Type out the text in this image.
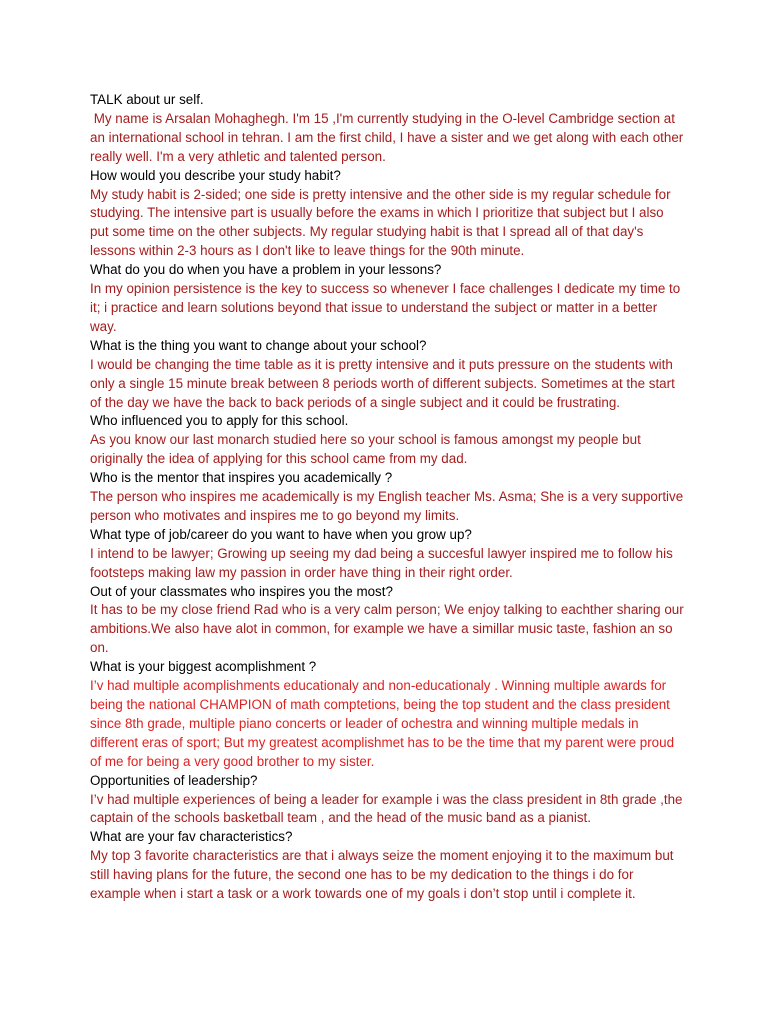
TALK about ur self.
My name is Arsalan Mohaghegh. I'm 15 ,I'm currently studying in the O-level Cambridge section at an international school in tehran. I am the first child, I have a sister and we get along with each other really well. I'm a very athletic and talented person.
How would you describe your study habit?
My study habit is 2-sided; one side is pretty intensive and the other side is my regular schedule for studying. The intensive part is usually before the exams in which I prioritize that subject but I also put some time on the other subjects. My regular studying habit is that I spread all of that day's lessons within 2-3 hours as I don't like to leave things for the 90th minute.
What do you do when you have a problem in your lessons?
In my opinion persistence is the key to success so whenever I face challenges I dedicate my time to it; i practice and learn solutions beyond that issue to understand the subject or matter in a better way.
What is the thing you want to change about your school?
I would be changing the time table as it is pretty intensive and it puts pressure on the students with only a single 15 minute break between 8 periods worth of different subjects. Sometimes at the start of the day we have the back to back periods of a single subject and it could be frustrating.
Who influenced you to apply for this school.
As you know our last monarch studied here so your school is famous amongst my people but originally the idea of applying for this school came from my dad.
Who is the mentor that inspires you academically ?
The person who inspires me academically is my English teacher Ms. Asma; She is a very supportive person who motivates and inspires me to go beyond my limits.
What type of job/career do you want to have when you grow up?
I intend to be lawyer; Growing up seeing my dad being a succesful lawyer inspired me to follow his footsteps making law my passion in order have thing in their right order.
Out of your classmates who inspires you the most?
It has to be my close friend Rad who is a very calm person; We enjoy talking to eachther sharing our ambitions.We also have alot in common, for example we have a simillar music taste, fashion an so on.
What is your biggest acomplishment ?
I’v had multiple acomplishments educationaly and non-educationaly . Winning multiple awards for being the national CHAMPION of math comptetions, being the top student and the class president since 8th grade, multiple piano concerts or leader of ochestra and winning multiple medals in different eras of sport; But my greatest acomplishmet has to be the time that my parent were proud of me for being a very good brother to my sister.
Opportunities of leadership?
I’v had multiple experiences of being a leader for example i was the class president in 8th grade ,the captain of the schools basketball team , and the head of the music band as a pianist.
What are your fav characteristics?
My top 3 favorite characteristics are that i always seize the moment enjoying it to the maximum but still having plans for the future, the second one has to be my dedication to the things i do for example when i start a task or a work towards one of my goals i don’t stop until i complete it.
